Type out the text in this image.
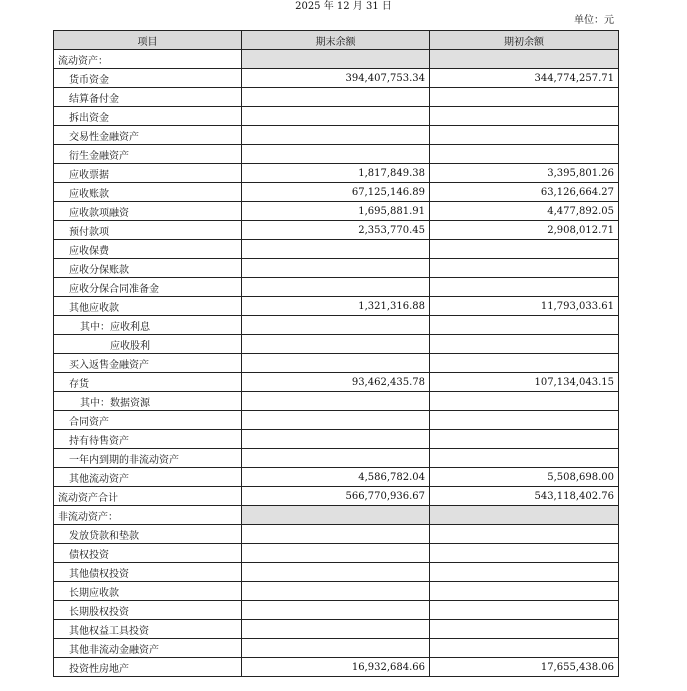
2025 年 12 月 31 日
单位：元
项目	期末余额	期初余额
流动资产：		
货币资金	394,407,753.34	344,774,257.71
结算备付金		
拆出资金		
交易性金融资产		
衍生金融资产		
应收票据	1,817,849.38	3,395,801.26
应收账款	67,125,146.89	63,126,664.27
应收款项融资	1,695,881.91	4,477,892.05
预付款项	2,353,770.45	2,908,012.71
应收保费		
应收分保账款		
应收分保合同准备金		
其他应收款	1,321,316.88	11,793,033.61
其中：应收利息		
应收股利		
买入返售金融资产		
存货	93,462,435.78	107,134,043.15
其中：数据资源		
合同资产		
持有待售资产		
一年内到期的非流动资产		
其他流动资产	4,586,782.04	5,508,698.00
流动资产合计	566,770,936.67	543,118,402.76
非流动资产：		
发放贷款和垫款		
债权投资		
其他债权投资		
长期应收款		
长期股权投资		
其他权益工具投资		
其他非流动金融资产		
投资性房地产	16,932,684.66	17,655,438.06
